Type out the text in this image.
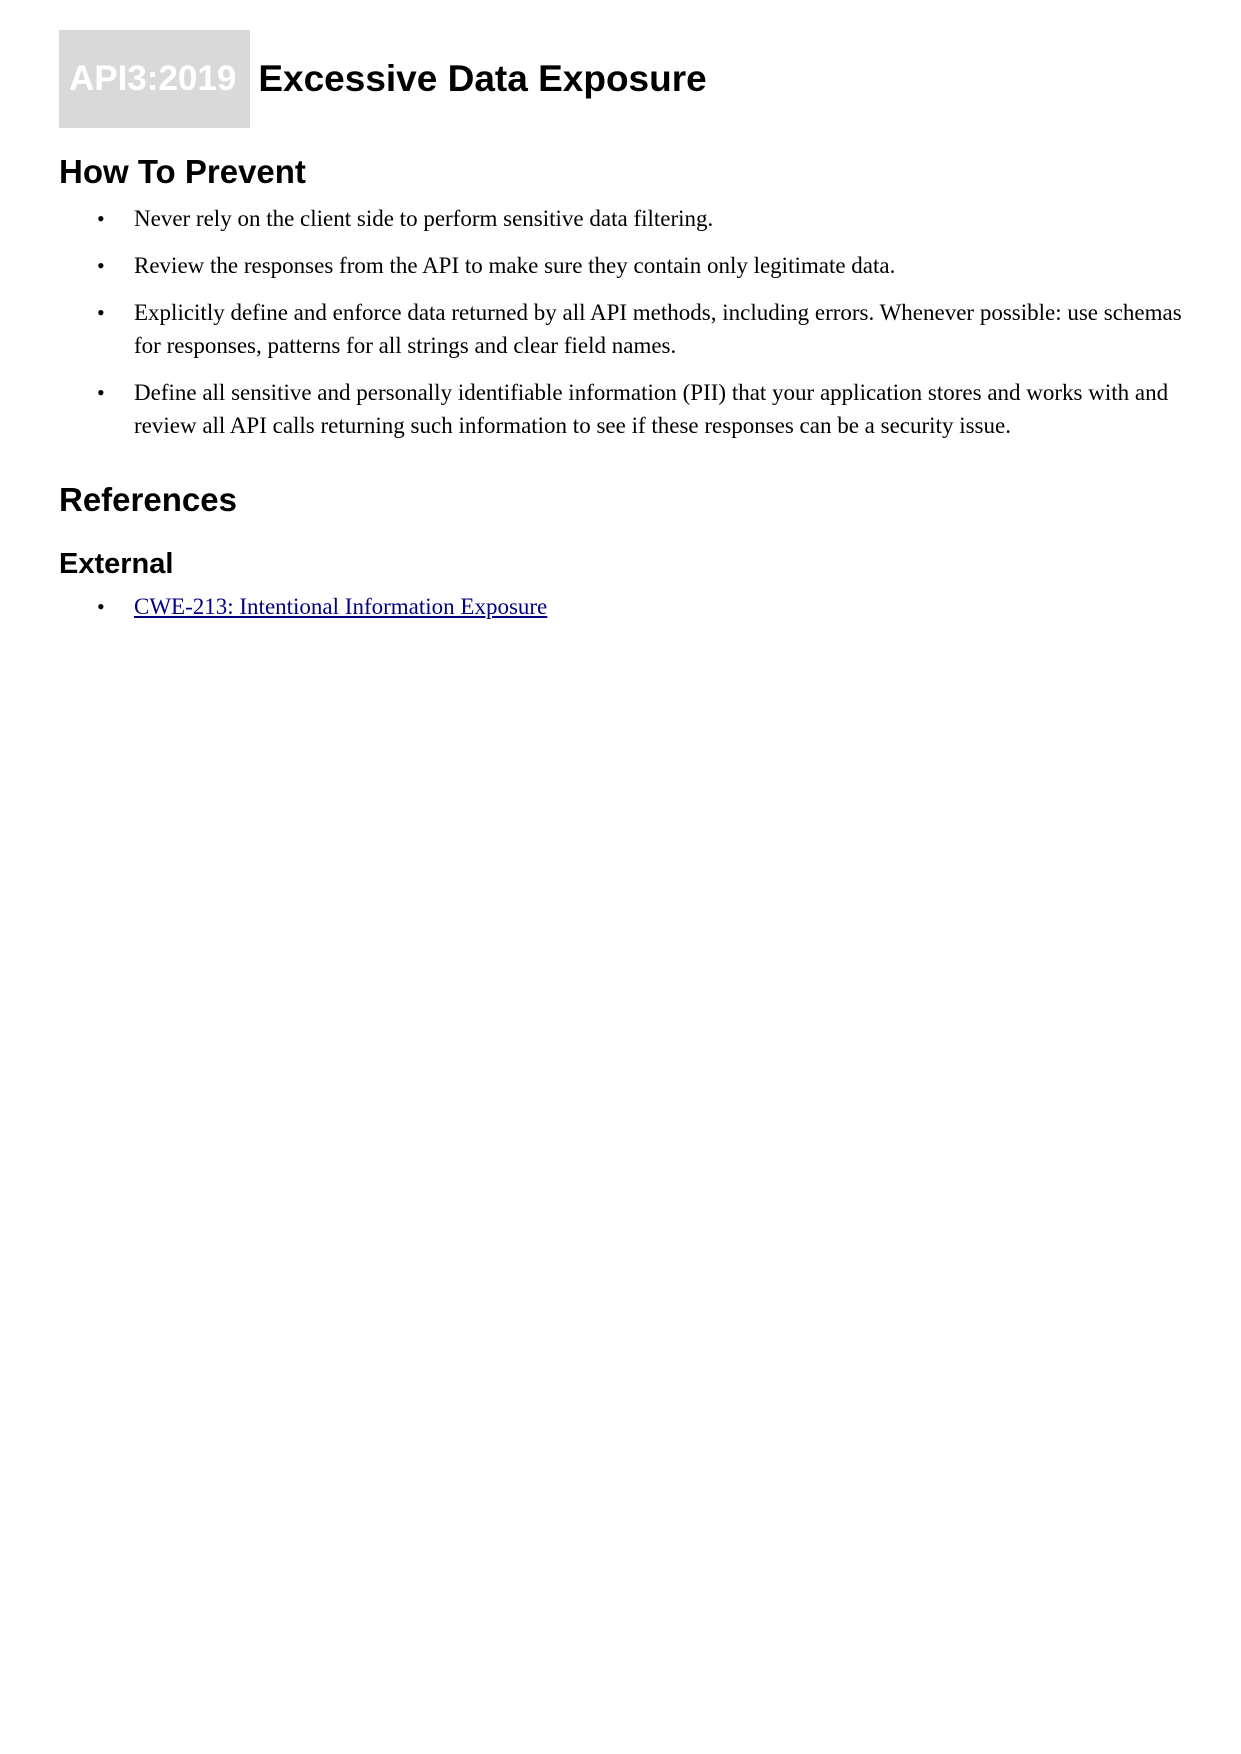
API3:2019 Excessive Data Exposure
How To Prevent
• Never rely on the client side to perform sensitive data filtering.
• Review the responses from the API to make sure they contain only legitimate data.
• Explicitly define and enforce data returned by all API methods, including errors. Whenever possible: use schemas for responses, patterns for all strings and clear field names.
• Define all sensitive and personally identifiable information (PII) that your application stores and works with and review all API calls returning such information to see if these responses can be a security issue.
References
External
• CWE-213: Intentional Information Exposure
